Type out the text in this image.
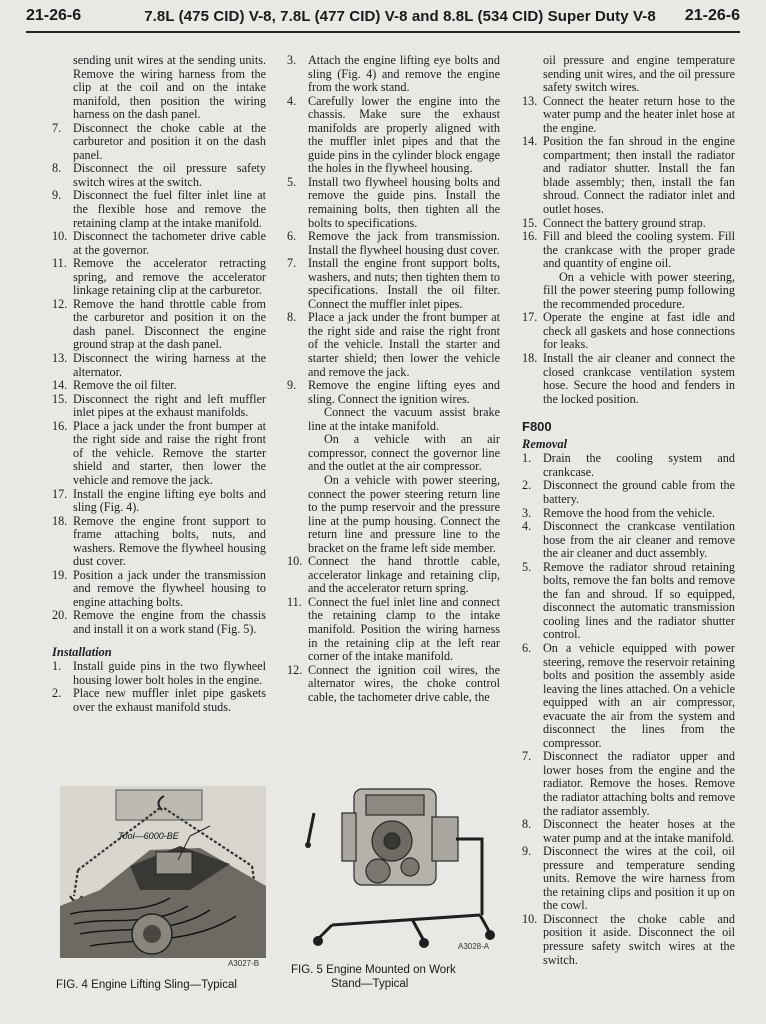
21-26-6	7.8L (475 CID) V-8, 7.8L (477 CID) V-8 and 8.8L (534 CID) Super Duty V-8	21-26-6
sending unit wires at the sending units. Remove the wiring harness from the clip at the coil and on the intake manifold, then position the wiring harness on the dash panel.
7. Disconnect the choke cable at the carburetor and position it on the dash panel.
8. Disconnect the oil pressure safety switch wires at the switch.
9. Disconnect the fuel filter inlet line at the flexible hose and remove the retaining clamp at the intake manifold.
10. Disconnect the tachometer drive cable at the governor.
11. Remove the accelerator retracting spring, and remove the accelerator linkage retaining clip at the carburetor.
12. Remove the hand throttle cable from the carburetor and position it on the dash panel. Disconnect the engine ground strap at the dash panel.
13. Disconnect the wiring harness at the alternator.
14. Remove the oil filter.
15. Disconnect the right and left muffler inlet pipes at the exhaust manifolds.
16. Place a jack under the front bumper at the right side and raise the right front of the vehicle. Remove the starter shield and starter, then lower the vehicle and remove the jack.
17. Install the engine lifting eye bolts and sling (Fig. 4).
18. Remove the engine front support to frame attaching bolts, nuts, and washers. Remove the flywheel housing dust cover.
19. Position a jack under the transmission and remove the flywheel housing to engine attaching bolts.
20. Remove the engine from the chassis and install it on a work stand (Fig. 5).
Installation
1. Install guide pins in the two flywheel housing lower bolt holes in the engine.
2. Place new muffler inlet pipe gaskets over the exhaust manifold studs.
3. Attach the engine lifting eye bolts and sling (Fig. 4) and remove the engine from the work stand.
4. Carefully lower the engine into the chassis. Make sure the exhaust manifolds are properly aligned with the muffler inlet pipes and that the guide pins in the cylinder block engage the holes in the flywheel housing.
5. Install two flywheel housing bolts and remove the guide pins. Install the remaining bolts, then tighten all the bolts to specifications.
6. Remove the jack from transmission. Install the flywheel housing dust cover.
7. Install the engine front support bolts, washers, and nuts; then tighten them to specifications. Install the oil filter. Connect the muffler inlet pipes.
8. Place a jack under the front bumper at the right side and raise the right front of the vehicle. Install the starter and starter shield; then lower the vehicle and remove the jack.
9. Remove the engine lifting eyes and sling. Connect the ignition wires.
Connect the vacuum assist brake line at the intake manifold.
On a vehicle with an air compressor, connect the governor line and the outlet at the air compressor.
On a vehicle with power steering, connect the power steering return line to the pump reservoir and the pressure line at the pump housing. Connect the return line and pressure line to the bracket on the frame left side member.
10. Connect the hand throttle cable, accelerator linkage and retaining clip, and the accelerator return spring.
11. Connect the fuel inlet line and connect the retaining clamp to the intake manifold. Position the wiring harness in the retaining clip at the left rear corner of the intake manifold.
12. Connect the ignition coil wires, the alternator wires, the choke control cable, the tachometer drive cable, the
oil pressure and engine temperature sending unit wires, and the oil pressure safety switch wires.
13. Connect the heater return hose to the water pump and the heater inlet hose at the engine.
14. Position the fan shroud in the engine compartment; then install the radiator and radiator shutter. Install the fan blade assembly; then, install the fan shroud. Connect the radiator inlet and outlet hoses.
15. Connect the battery ground strap.
16. Fill and bleed the cooling system. Fill the crankcase with the proper grade and quantity of engine oil.
On a vehicle with power steering, fill the power steering pump following the recommended procedure.
17. Operate the engine at fast idle and check all gaskets and hose connections for leaks.
18. Install the air cleaner and connect the closed crankcase ventilation system hose. Secure the hood and fenders in the locked position.
F800
Removal
1. Drain the cooling system and crankcase.
2. Disconnect the ground cable from the battery.
3. Remove the hood from the vehicle.
4. Disconnect the crankcase ventilation hose from the air cleaner and remove the air cleaner and duct assembly.
5. Remove the radiator shroud retaining bolts, remove the fan bolts and remove the fan and shroud. If so equipped, disconnect the automatic transmission cooling lines and the radiator shutter control.
6. On a vehicle equipped with power steering, remove the reservoir retaining bolts and position the assembly aside leaving the lines attached. On a vehicle equipped with an air compressor, evacuate the air from the system and disconnect the lines from the compressor.
7. Disconnect the radiator upper and lower hoses from the engine and the radiator. Remove the hoses. Remove the radiator attaching bolts and remove the radiator assembly.
8. Disconnect the heater hoses at the water pump and at the intake manifold.
9. Disconnect the wires at the coil, oil pressure and temperature sending units. Remove the wire harness from the retaining clips and position it up on the cowl.
10. Disconnect the choke cable and position it aside. Disconnect the oil pressure safety switch wires at the switch.
Tool—6000-BE
A3027-B
FIG. 4 Engine Lifting Sling—Typical
A3028-A
FIG. 5 Engine Mounted on Work
Stand—Typical
